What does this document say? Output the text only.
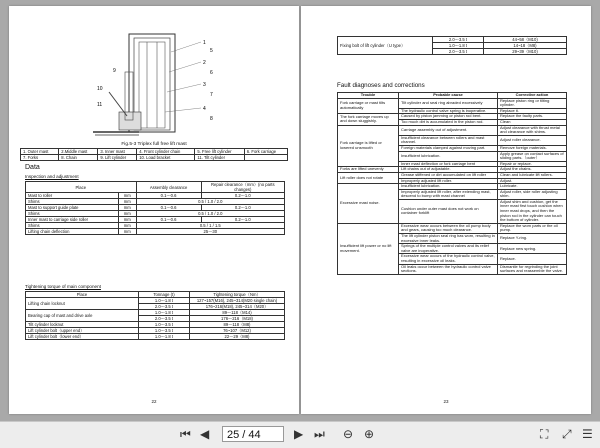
1
2
3
4
5
6
7
8
9
10
11
Fig.5-3 Triplex full free lift mast
1. Outer mast	2.Middle mast	3. Inner mast	4. Front cylinder chain	5. Free lift cylinder	6. Fork carriage
7. Forks	8. Chain	9. Lift cylinder	10. Load bracket	11. Tilt cylinder	
Data
Inspection and adjustment
Place		Assembly clearance	Repair clearance（mm）(no parts changes)
Mast to roller	mm	0.1～0.6	0.2～1.0
Shims	mm	0.5 / 1.0 / 2.0	
Mast to support guide plate	mm	0.1～0.6	0.2～1.0
Shims	mm	0.5 / 1.0 / 2.0	
Inner mast to carriage side roller	mm	0.1～0.6	0.2～1.0
Shims	mm	0.5 / 1 / 1.5	
Lifting chain deflection	mm	25～30	
Tightening torque of main component
Place	Tonnage (t)	Tightening torque（Nm）
Lifting chain locknut	1.0～1.8 t	127~157(M16), 245~314(M20 single chain)
	2.0～3.5 t	176~216(M18), 245~314（M20）
Bearing cap of mast and drive axle	1.0～1.8 t	89～118（M14)
	2.0～3.5 t	176～216（M18)
Tilt cylinder locknut	1.0～3.5 t	89～118（M8)
Lift cylinder bolt（upper end）	1.0～3.5 t	76~107（M12)
Lift cylinder bolt（lower end）	1.0～1.8 t	22～29（M8)
22
Fixing bolt of lift cylinder（U type）	2.0～3.5 t	44~58（M10)
	1.0～1.8 t	14~18（M8)
	2.0～3.5 t	29~39（M10)
Fault diagnoses and corrections
Trouble	Probable cause	Corrective action
Fork carriage or mast tilts automatically	Tilt cylinder and seal ring abraded excessively	Replace piston ring or tilting cylinder.
	The hydraulic control valve spring is inoperative.	Replace it.
The fork carriage moves up and down sluggishly.	Caused by piston jamming or piston rod bent.	Replace the faulty parts.
	Too much dirt is accumulated in the piston rod.	Clean
Fork carriage is lifted or lowered unsmooth	Carriage assembly out of adjustment.	Adjust clearance with thrust metal and clearance with shims.
	Insufficient clearance between rollers and mast channel.	Adjust roller clearance.
	Foreign materials clamped against moving part.	Remove foreign materials.
	Insufficient lubrication.	Apply grease on contact surfaces of sliding parts.（outer）
	Inner mast deflection or fork carriage bent	Repair or replace.
Forks are lifted unevenly	Lift chains out of adjustable.	Adjust the chains.
Lift roller does not rotate	Grease stiffened or dirt accumulated on lift roller	Clean and lubricate lift rollers.
	Improperly adjusted lift roller.	Adjust.
Excessive mast noise.	Insufficient lubrication.	Lubricate.
	Improperly adjusted lift roller, after extending mast, descend to bump with mast channel	Adjust roller, side roller adjusting shim.
	Cushion under outer mast does not work on container forklift	Adjust shim and cushion, get the inner mast first touch cushion when inner mast drops, and then the piston rod in the cylinder can touch the bottom of cylinder.
Insufficient lift power or no lift movement.	Excessive wear occurs between the oil pump body and gears, causing too much clearance.	Replace the worn parts or the oil pump.
	The lift cylinder piston seal ring has worn, resulting in excessive inner leaks.	Replace Y-ring.
	Springs of the multiple control valves and its relief valve are inoperative.	Replace new spring.
	Excessive wear occurs of the hydraulic control valve, resulting in excessive oil leaks.	Replace.
	Oil leaks occur between the hydraulic control valve sections.	Dismantle for regrinding the joint surfaces and reassemble the valve.
23
⏮ ◀	25 / 44	▶ ⏭ ⊖ ⊕	⛶ ⤢ ☰
